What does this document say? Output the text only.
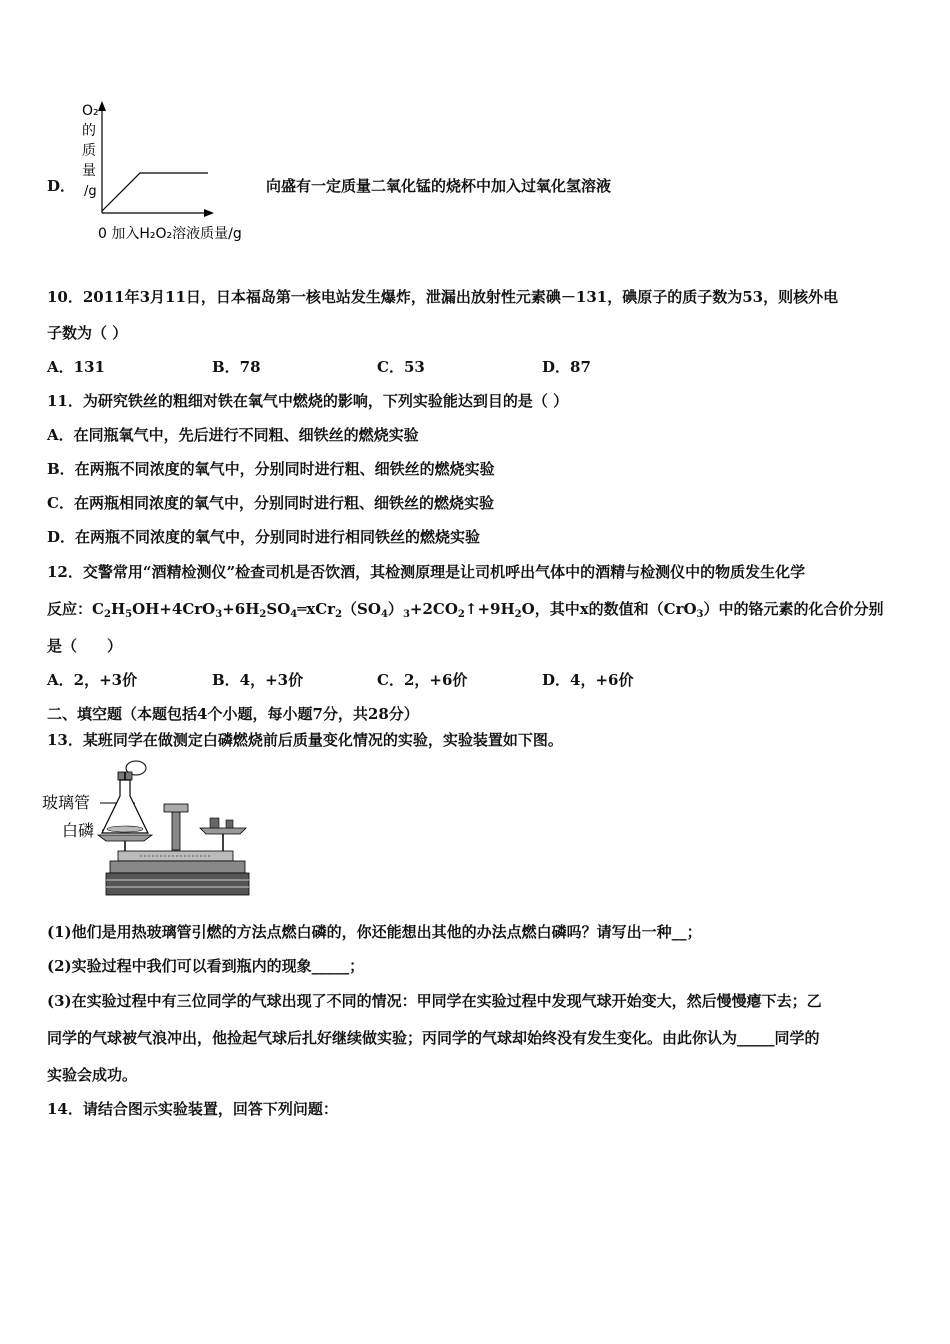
D．
O₂
的
质
量
/g
0 加入H₂O₂溶液质量/g
向盛有一定质量二氧化锰的烧杯中加入过氧化氢溶液
10．2011年3月11日，日本福岛第一核电站发生爆炸，泄漏出放射性元素碘－131，碘原子的质子数为53，则核外电
子数为（ ）
A．131	B．78	C．53	D．87
11．为研究铁丝的粗细对铁在氧气中燃烧的影响，下列实验能达到目的是（ ）
A．在同瓶氧气中，先后进行不同粗、细铁丝的燃烧实验
B．在两瓶不同浓度的氧气中，分别同时进行粗、细铁丝的燃烧实验
C．在两瓶相同浓度的氧气中，分别同时进行粗、细铁丝的燃烧实验
D．在两瓶不同浓度的氧气中，分别同时进行相同铁丝的燃烧实验
12．交警常用“酒精检测仪”检查司机是否饮酒，其检测原理是让司机呼出气体中的酒精与检测仪中的物质发生化学
反应：$C_2H_5OH+4CrO_3+6H_2SO_4═xCr_2(SO_4)_3+2CO_2↑+9H_2O$，其中x的数值和（CrO$_3$）中的铬元素的化合价分别
是（　　）
A．2，+3价	B．4，+3价	C．2，+6价	D．4，+6价
二、填空题（本题包括4个小题，每小题7分，共28分）
13．某班同学在做测定白磷燃烧前后质量变化情况的实验，实验装置如下图。
玻璃管
白磷
(1)他们是用热玻璃管引燃的方法点燃白磷的，你还能想出其他的办法点燃白磷吗？请写出一种__；
(2)实验过程中我们可以看到瓶内的现象_____；
(3)在实验过程中有三位同学的气球出现了不同的情况：甲同学在实验过程中发现气球开始变大，然后慢慢瘪下去；乙
同学的气球被气浪冲出，他捡起气球后扎好继续做实验；丙同学的气球却始终没有发生变化。由此你认为_____同学的
实验会成功。
14．请结合图示实验装置，回答下列问题：
